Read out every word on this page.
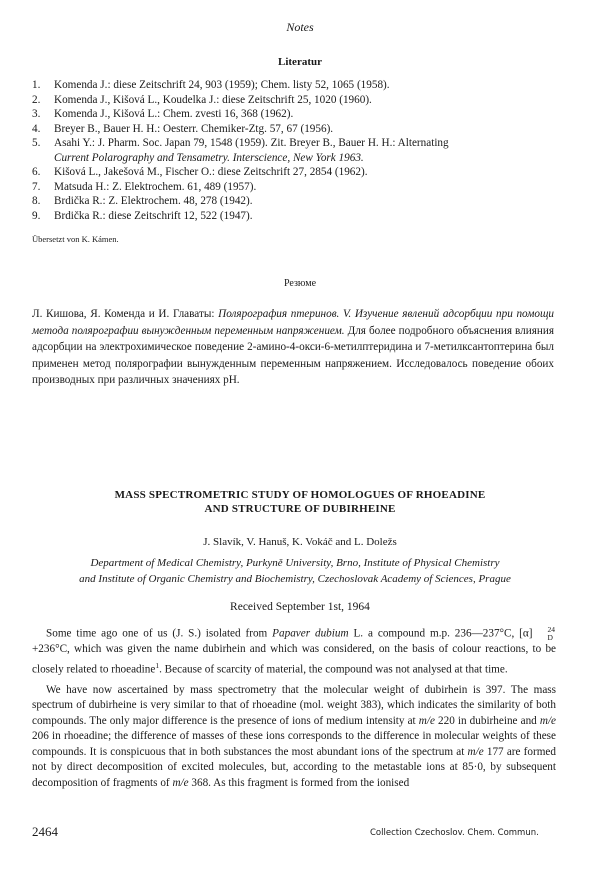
Notes
Literatur
1. Komenda J.: diese Zeitschrift 24, 903 (1959); Chem. listy 52, 1065 (1958).
2. Komenda J., Kišová L., Koudelka J.: diese Zeitschrift 25, 1020 (1960).
3. Komenda J., Kišová L.: Chem. zvesti 16, 368 (1962).
4. Breyer B., Bauer H. H.: Oesterr. Chemiker-Ztg. 57, 67 (1956).
5. Asahi Y.: J. Pharm. Soc. Japan 79, 1548 (1959). Zit. Breyer B., Bauer H. H.: Alternating
Current Polarography and Tensametry. Interscience, New York 1963.
6. Kišová L., Jakešová M., Fischer O.: diese Zeitschrift 27, 2854 (1962).
7. Matsuda H.: Z. Elektrochem. 61, 489 (1957).
8. Brdička R.: Z. Elektrochem. 48, 278 (1942).
9. Brdička R.: diese Zeitschrift 12, 522 (1947).
Übersetzt von K. Kámen.
Резюме
Л. Кишова, Я. Коменда и И. Главаты: Полярография птеринов. V. Изучение явлений адсорбции при помощи метода полярографии вынужденным переменным напряжением. Для более подробного объяснения влияния адсорбции на электрохимическое поведение 2-амино-4-окси-6-метилптеридина и 7-метилксантоптерина был применен метод полярографии вынужденным переменным напряжением. Исследовалось поведение обоих производных при различных значениях pH.
MASS SPECTROMETRIC STUDY OF HOMOLOGUES OF RHOEADINE
AND STRUCTURE OF DUBIRHEINE
J. Slavík, V. Hanuš, K. Vokáč and L. Doležs
Department of Medical Chemistry, Purkyně University, Brno, Institute of Physical Chemistry
and Institute of Organic Chemistry and Biochemistry, Czechoslovak Academy of Sciences, Prague
Received September 1st, 1964

Some time ago one of us (J. S.) isolated from Papaver dubium L. a compound m.p. 236—237°C, [α]	24
D
+236°C, which was given the name dubirhein and which was considered, on the basis of colour reactions, to be closely related to rhoeadine$^1$. Because of scarcity of material, the compound was not analysed at that time.

We have now ascertained by mass spectrometry that the molecular weight of dubirhein is 397. The mass spectrum of dubirheine is very similar to that of rhoeadine (mol. weight 383), which indicates the similarity of both compounds. The only major difference is the presence of ions of medium intensity at m/e 220 in dubirheine and m/e 206 in rhoeadine; the difference of masses of these ions corresponds to the difference in molecular weights of these compounds. It is conspicuous that in both substances the most abundant ions of the spectrum at m/e 177 are formed not by direct decomposition of excited molecules, but, according to the metastable ions at 85·0, by subsequent decomposition of fragments of m/e 368. As this fragment is formed from the ionised

2464	Collection Czechoslov. Chem. Commun.
